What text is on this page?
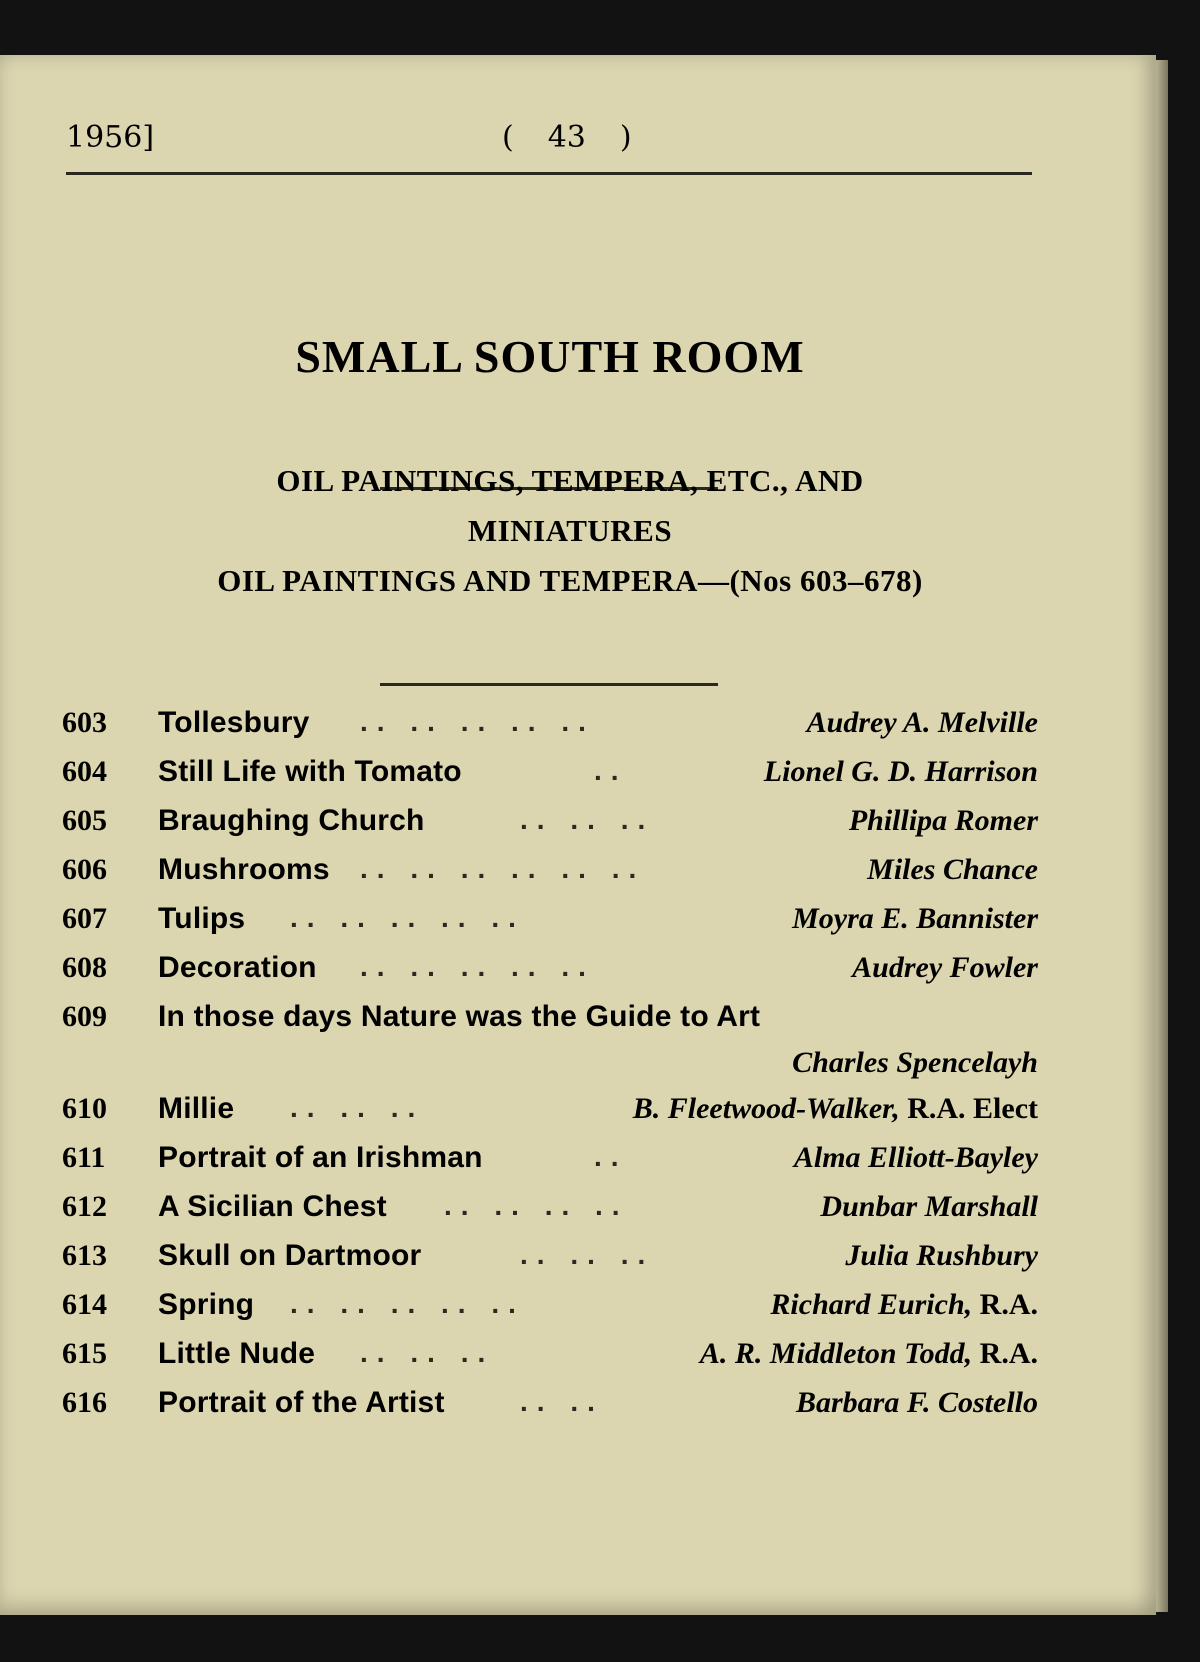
1956]	( 43 )
SMALL SOUTH ROOM
OIL PAINTINGS, TEMPERA, ETC., AND
MINIATURES
OIL PAINTINGS AND TEMPERA—(Nos 603–678)
603 Tollesbury .. .. .. .. ..	Audrey A. Melville
604 Still Life with Tomato	..	Lionel G. D. Harrison
605 Braughing Church	.. .. ..	Phillipa Romer
606 Mushrooms .. .. .. .. .. ..	Miles Chance
607 Tulips .. .. .. .. ..	Moyra E. Bannister
608 Decoration .. .. .. .. ..	Audrey Fowler
609 In those days Nature was the Guide to Art
Charles Spencelayh
610 Millie .. .. ..	B. Fleetwood-Walker, R.A. Elect
611 Portrait of an Irishman	..	Alma Elliott-Bayley
612 A Sicilian Chest .. .. .. ..	Dunbar Marshall
613 Skull on Dartmoor	.. .. ..	Julia Rushbury
614 Spring .. .. .. .. ..	Richard Eurich, R.A.
615 Little Nude .. .. ..	A. R. Middleton Todd, R.A.
616 Portrait of the Artist	.. ..	Barbara F. Costello
